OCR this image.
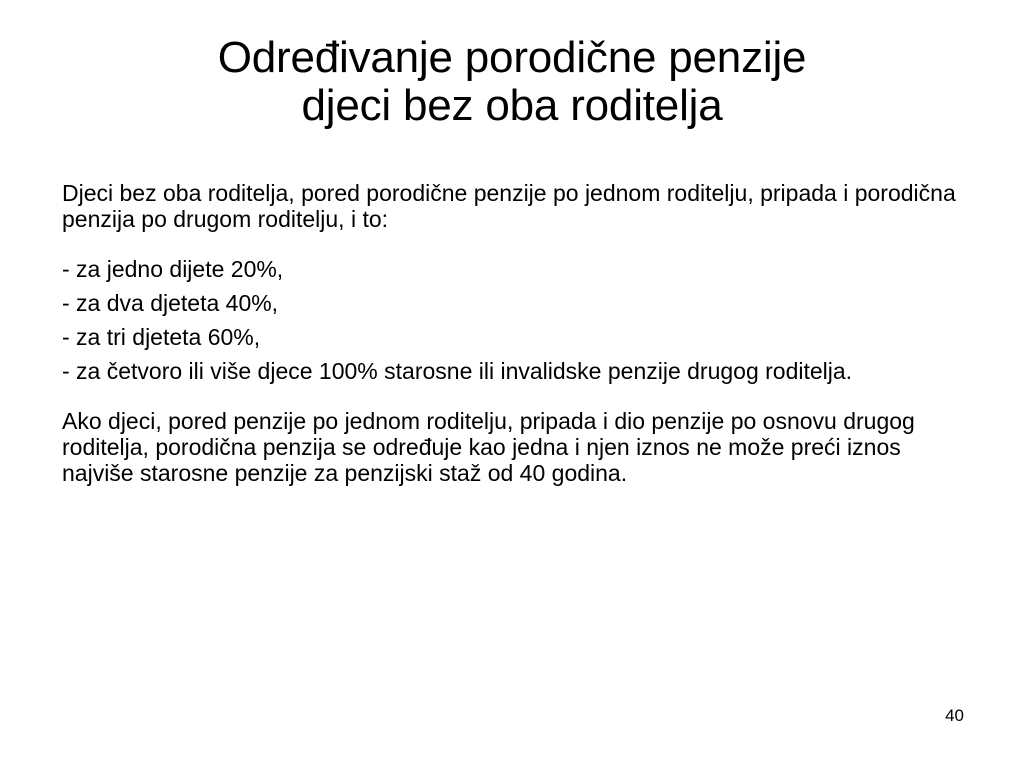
Određivanje porodične penzije
djeci bez oba roditelja

Djeci bez oba roditelja, pored porodične penzije po jednom roditelju, pripada i porodična penzija po drugom roditelju, i to:

- za jedno dijete 20%,

- za dva djeteta 40%,

- za tri djeteta 60%,

- za četvoro ili više djece 100% starosne ili invalidske penzije drugog roditelja.

Ako djeci, pored penzije po jednom roditelju, pripada i dio penzije po osnovu drugog roditelja, porodična penzija se određuje kao jedna i njen iznos ne može preći iznos najviše starosne penzije za penzijski staž od 40 godina.

40
